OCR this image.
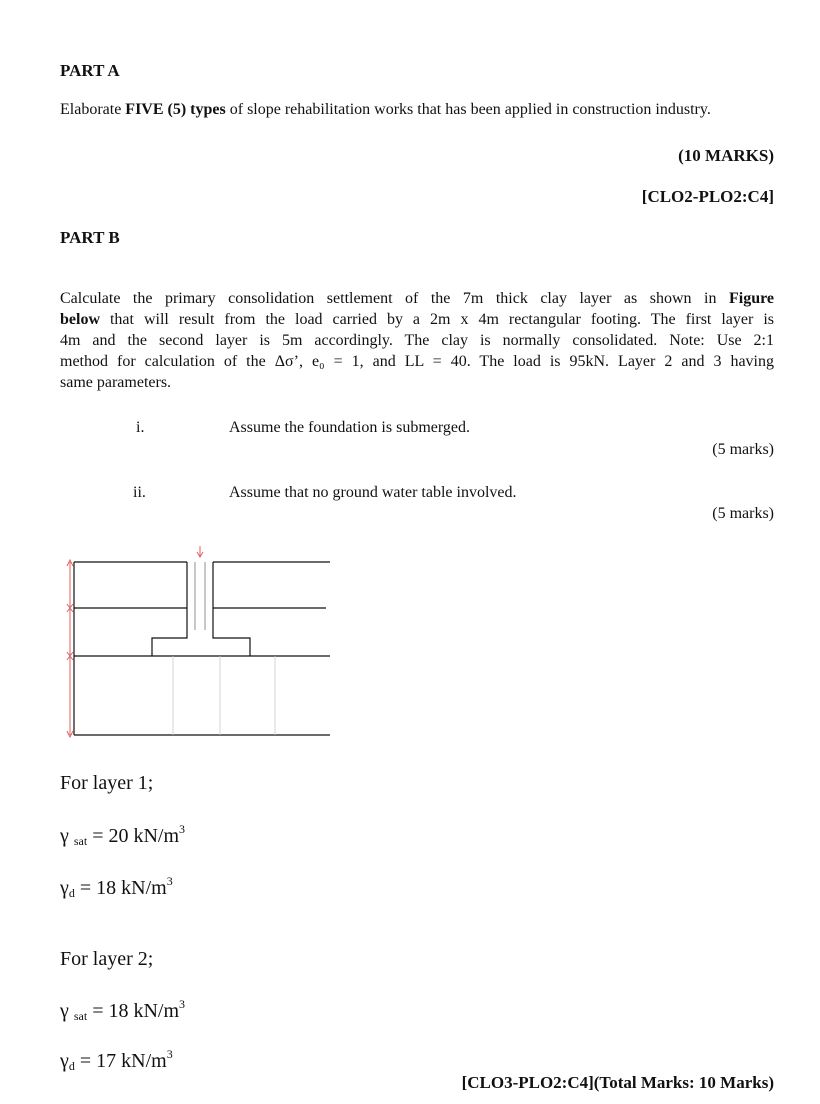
PART A
Elaborate FIVE (5) types of slope rehabilitation works that has been applied in construction industry.
(10 MARKS)
[CLO2-PLO2:C4]
PART B
Calculate the primary consolidation settlement of the 7m thick clay layer as shown in Figure
below that will result from the load carried by a 2m x 4m rectangular footing. The first layer is
4m and the second layer is 5m accordingly. The clay is normally consolidated. Note: Use 2:1
method for calculation of the Δσ’, e₀ = 1, and LL = 40. The load is 95kN. Layer 2 and 3 having
same parameters.
i.	Assume the foundation is submerged.
(5 marks)
ii.	Assume that no ground water table involved.
(5 marks)
For layer 1;
γ $_{sat}$ = 20 $kN/m^3$
γd = 18 $kN/m^3$
For layer 2;
γ $_{sat}$ = 18 $kN/m^3$
γd = 17 $kN/m^3$
[CLO3-PLO2:C4](Total Marks: 10 Marks)
